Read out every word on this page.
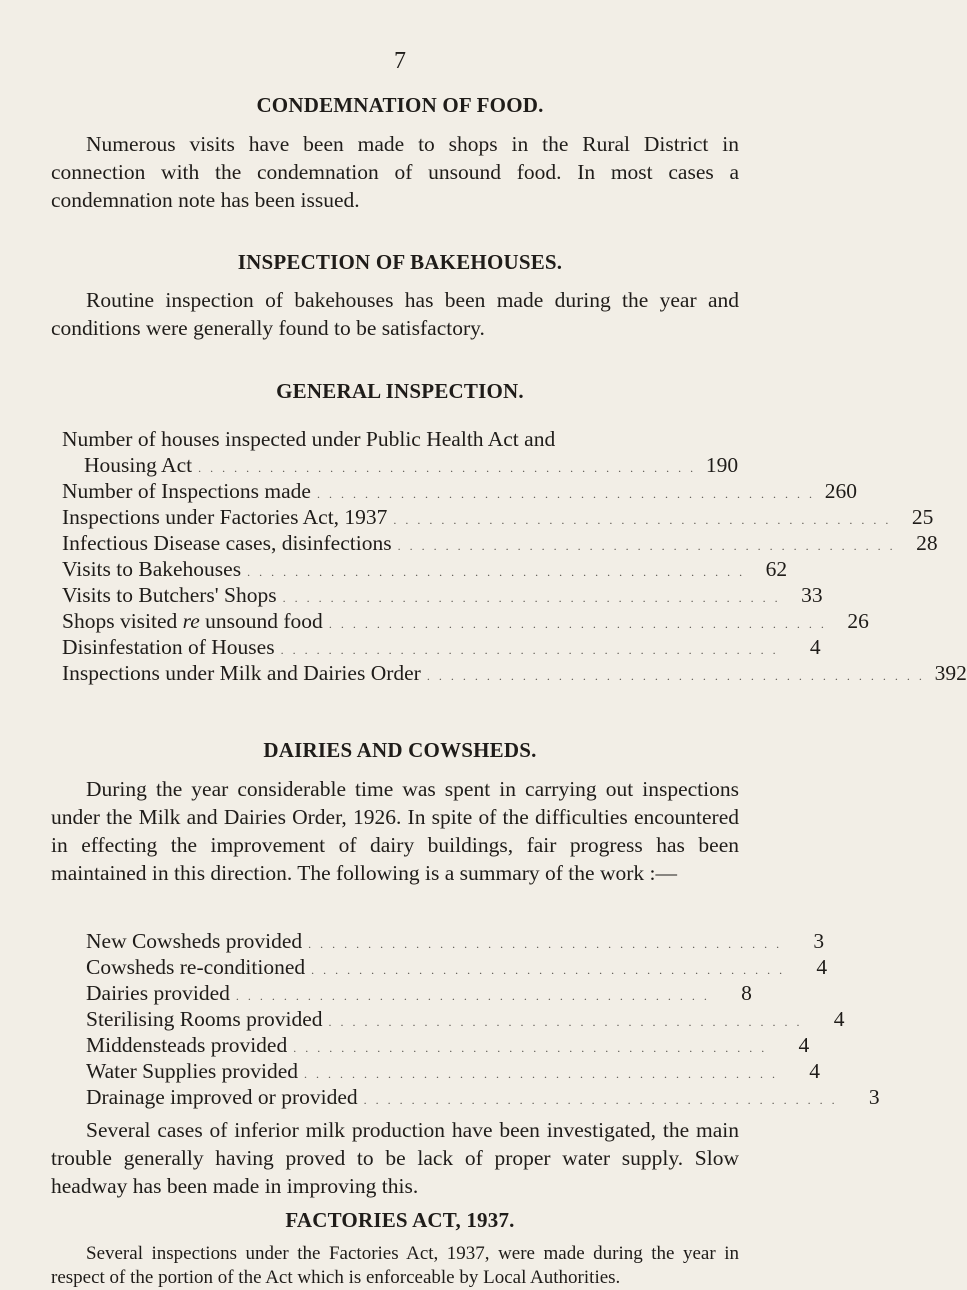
7
CONDEMNATION OF FOOD.

Numerous visits have been made to shops in the Rural District in connection with the condemnation of unsound food. In most cases a condemnation note has been issued.

INSPECTION OF BAKEHOUSES.

Routine inspection of bakehouses has been made during the year and conditions were generally found to be satisfactory.

GENERAL INSPECTION.
Number of houses inspected under Public Health Act and
Housing Act . . . . . . . . . . . . . . . . . . . . . . . . . . . . . . . . . . . . . . . . . . 190
Number of Inspections made . . . . . . . . . . . . . . . . . . . . . . . . . . . . . . . . . . . . . . . . . . 260
Inspections under Factories Act, 1937 . . . . . . . . . . . . . . . . . . . . . . . . . . . . . . . . . . . . . . . . . . 25
Infectious Disease cases, disinfections . . . . . . . . . . . . . . . . . . . . . . . . . . . . . . . . . . . . . . . . . . 28
Visits to Bakehouses . . . . . . . . . . . . . . . . . . . . . . . . . . . . . . . . . . . . . . . . . . 62
Visits to Butchers' Shops . . . . . . . . . . . . . . . . . . . . . . . . . . . . . . . . . . . . . . . . . . 33
Shops visited re unsound food . . . . . . . . . . . . . . . . . . . . . . . . . . . . . . . . . . . . . . . . . . 26
Disinfestation of Houses . . . . . . . . . . . . . . . . . . . . . . . . . . . . . . . . . . . . . . . . . .	4
Inspections under Milk and Dairies Order . . . . . . . . . . . . . . . . . . . . . . . . . . . . . . . . . . . . . . . . . . 392
DAIRIES AND COWSHEDS.

During the year considerable time was spent in carrying out inspections under the Milk and Dairies Order, 1926. In spite of the difficulties encountered in effecting the improvement of dairy buildings, fair progress has been maintained in this direction. The following is a summary of the work :—

New Cowsheds provided . . . . . . . . . . . . . . . . . . . . . . . . . . . . . . . . . . . . . . . .	3
Cowsheds re-conditioned . . . . . . . . . . . . . . . . . . . . . . . . . . . . . . . . . . . . . . . .	4
Dairies provided . . . . . . . . . . . . . . . . . . . . . . . . . . . . . . . . . . . . . . . .	8
Sterilising Rooms provided . . . . . . . . . . . . . . . . . . . . . . . . . . . . . . . . . . . . . . . .	4
Middensteads provided . . . . . . . . . . . . . . . . . . . . . . . . . . . . . . . . . . . . . . . .	4
Water Supplies provided . . . . . . . . . . . . . . . . . . . . . . . . . . . . . . . . . . . . . . . .	4
Drainage improved or provided . . . . . . . . . . . . . . . . . . . . . . . . . . . . . . . . . . . . . . . .	3

Several cases of inferior milk production have been investigated, the main trouble generally having proved to be lack of proper water supply. Slow headway has been made in improving this.

FACTORIES ACT, 1937.

Several inspections under the Factories Act, 1937, were made during the year in respect of the portion of the Act which is enforceable by Local Authorities.
